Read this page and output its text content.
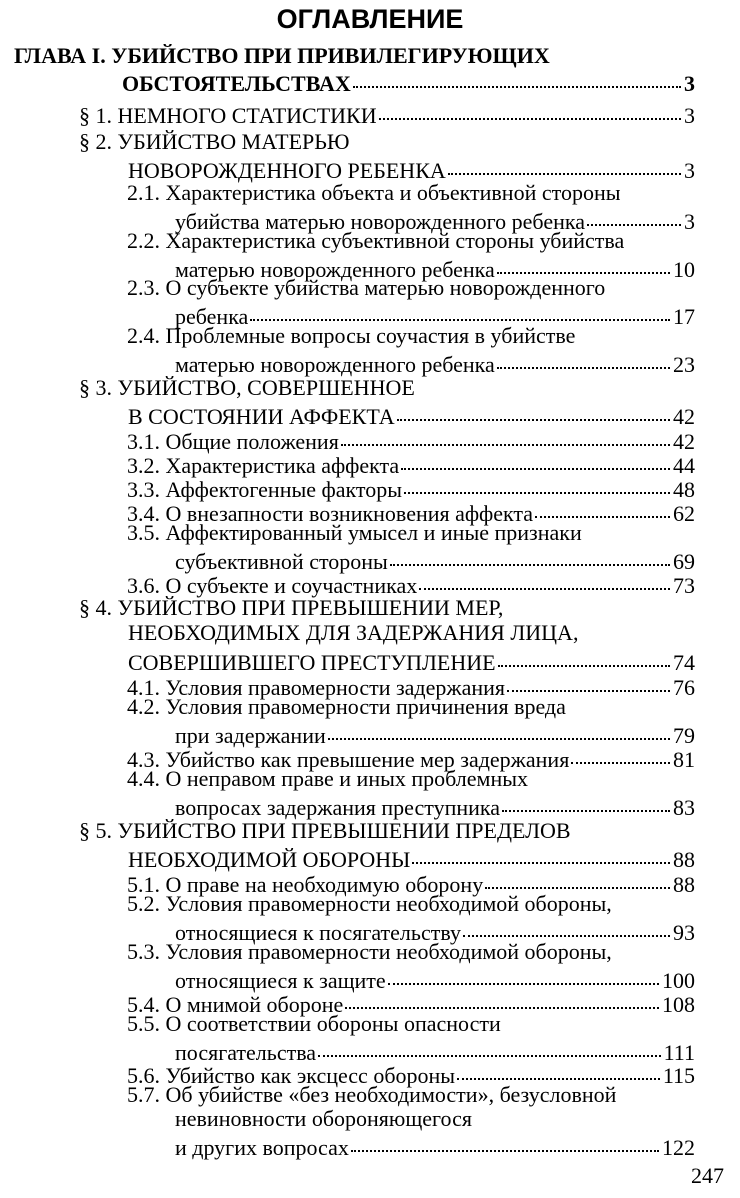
ОГЛАВЛЕНИЕ
ГЛАВА I. УБИЙСТВО ПРИ ПРИВИЛЕГИРУЮЩИХ
ОБСТОЯТЕЛЬСТВАХ	3
§ 1. НЕМНОГО СТАТИСТИКИ	3
§ 2. УБИЙСТВО МАТЕРЬЮ
НОВОРОЖДЕННОГО РЕБЕНКА	3
2.1. Характеристика объекта и объективной стороны
убийства матерью новорожденного ребенка	3
2.2. Характеристика субъективной стороны убийства
матерью новорожденного ребенка	10
2.3. О субъекте убийства матерью новорожденного
ребенка	17
2.4. Проблемные вопросы соучастия в убийстве
матерью новорожденного ребенка	23
§ 3. УБИЙСТВО, СОВЕРШЕННОЕ
В СОСТОЯНИИ АФФЕКТА	42
3.1. Общие положения	42
3.2. Характеристика аффекта	44
3.3. Аффектогенные факторы	48
3.4. О внезапности возникновения аффекта	62
3.5. Аффектированный умысел и иные признаки
субъективной стороны	69
3.6. О субъекте и соучастниках	73
§ 4. УБИЙСТВО ПРИ ПРЕВЫШЕНИИ МЕР,
НЕОБХОДИМЫХ ДЛЯ ЗАДЕРЖАНИЯ ЛИЦА,
СОВЕРШИВШЕГО ПРЕСТУПЛЕНИЕ	74
4.1. Условия правомерности задержания	76
4.2. Условия правомерности причинения вреда
при задержании	79
4.3. Убийство как превышение мер задержания	81
4.4. О неправом праве и иных проблемных
вопросах задержания преступника	83
§ 5. УБИЙСТВО ПРИ ПРЕВЫШЕНИИ ПРЕДЕЛОВ
НЕОБХОДИМОЙ ОБОРОНЫ	88
5.1. О праве на необходимую оборону	88
5.2. Условия правомерности необходимой обороны,
относящиеся к посягательству	93
5.3. Условия правомерности необходимой обороны,
относящиеся к защите	100
5.4. О мнимой обороне	108
5.5. О соответствии обороны опасности
посягательства	111
5.6. Убийство как эксцесс обороны	115
5.7. Об убийстве «без необходимости», безусловной
невиновности обороняющегося
и других вопросах	122
247
